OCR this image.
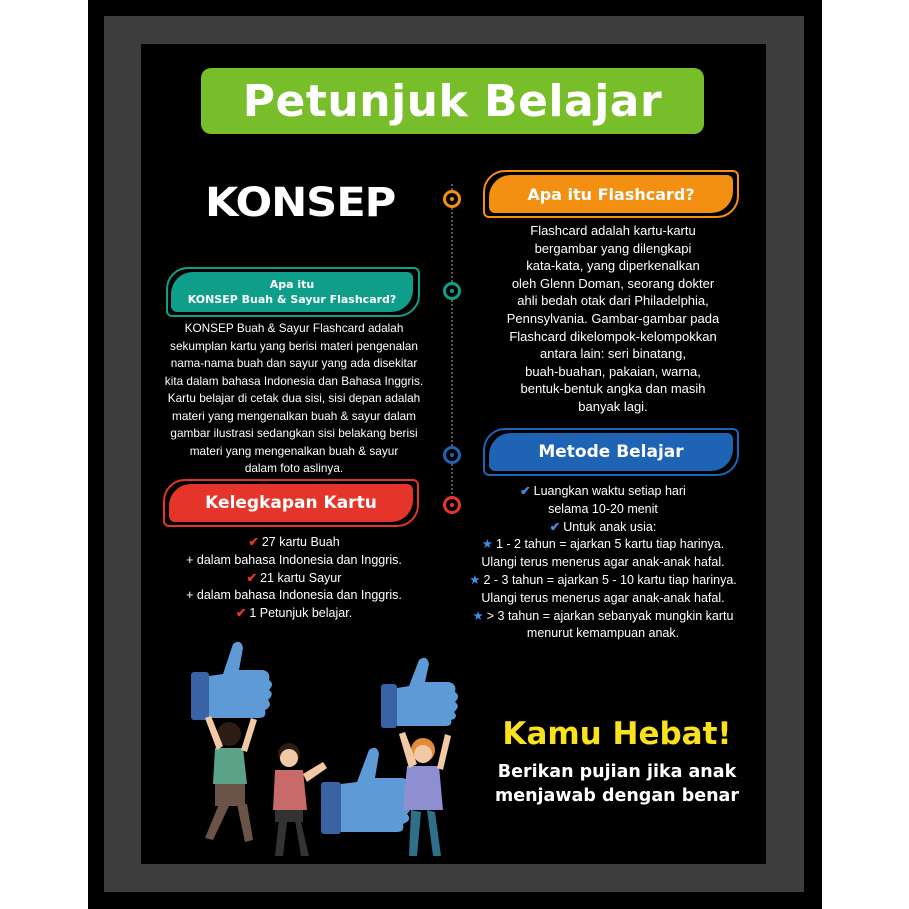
Petunjuk Belajar
KONSEP	Apa itu Flashcard?
Flashcard adalah kartu-kartu
bergambar yang dilengkapi
kata-kata, yang diperkenalkan
oleh Glenn Doman, seorang dokter
ahli bedah otak dari Philadelphia,
Pennsylvania. Gambar-gambar pada
Flashcard dikelompok-kelompokkan
antara lain: seri binatang,
buah-buahan, pakaian, warna,
bentuk-bentuk angka dan masih
banyak lagi.
Apa itu
KONSEP Buah & Sayur Flashcard?
KONSEP Buah & Sayur Flashcard adalah
sekumplan kartu yang berisi materi pengenalan
nama-nama buah dan sayur yang ada disekitar
kita dalam bahasa Indonesia dan Bahasa Inggris.
Kartu belajar di cetak dua sisi, sisi depan adalah
materi yang mengenalkan buah & sayur dalam
gambar ilustrasi sedangkan sisi belakang berisi
materi yang mengenalkan buah & sayur
dalam foto aslinya.
Metode Belajar
✔ Luangkan waktu setiap hari
selama 10-20 menit
✔ Untuk anak usia:
★ 1 - 2 tahun = ajarkan 5 kartu tiap harinya.
Ulangi terus menerus agar anak-anak hafal.
★ 2 - 3 tahun = ajarkan 5 - 10 kartu tiap harinya.
Ulangi terus menerus agar anak-anak hafal.
★ > 3 tahun = ajarkan sebanyak mungkin kartu
menurut kemampuan anak.
Kelegkapan Kartu
✔ 27 kartu Buah
+ dalam bahasa Indonesia dan Inggris.
✔ 21 kartu Sayur
+ dalam bahasa Indonesia dan Inggris.
✔ 1 Petunjuk belajar.
Kamu Hebat!
Berikan pujian jika anak
menjawab dengan benar
